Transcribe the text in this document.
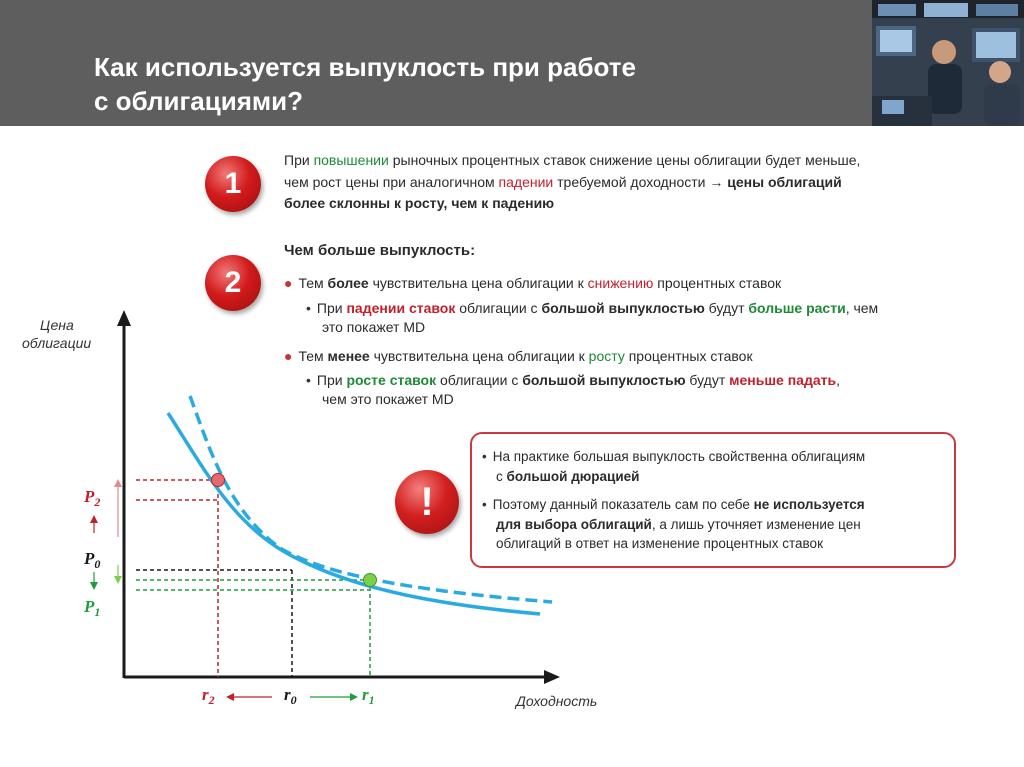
Как используется выпуклость при работе
с облигациями?
1

При повышении рыночных процентных ставок снижение цены облигации будет меньше,

чем рост цены при аналогичном падении требуемой доходности → цены облигаций

более склонны к росту, чем к падению

2

Чем больше выпуклость:

● Тем более чувствительна цена облигации к снижению процентных ставок

• При падении ставок облигации с большой выпуклостью будут больше расти, чем

это покажет MD

● Тем менее чувствительна цена облигации к росту процентных ставок

• При росте ставок облигации с большой выпуклостью будут меньше падать,

чем это покажет MD

!

• На практике большая выпуклость свойственна облигациям

с большой дюрацией

• Поэтому данный показатель сам по себе не используется

для выбора облигаций, а лишь уточняет изменение цен

облигаций в ответ на изменение процентных ставок

Цена
облигации
Доходность
$P_2$
$P_0$
$P_1$
$r_2$	$r_0$	$r_1$
